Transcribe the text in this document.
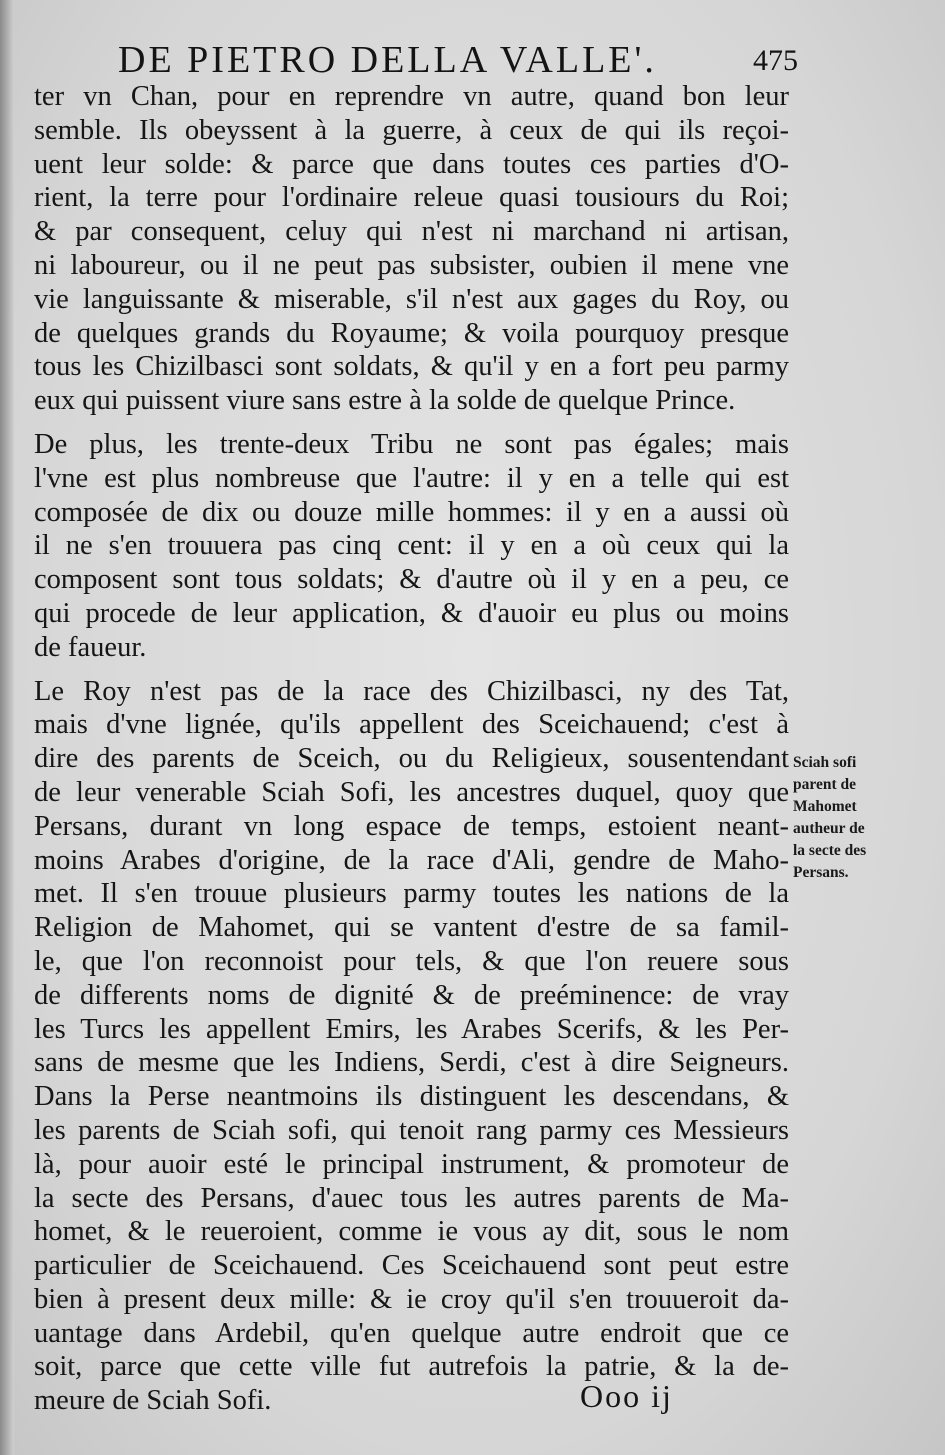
DE PIETRO DELLA VALLE'.	475
ter vn Chan, pour en reprendre vn autre, quand bon leur
semble. Ils obeyssent à la guerre, à ceux de qui ils reçoi-
uent leur solde: & parce que dans toutes ces parties d'O-
rient, la terre pour l'ordinaire releue quasi tousiours du Roi;
& par consequent, celuy qui n'est ni marchand ni artisan,
ni laboureur, ou il ne peut pas subsister, oubien il mene vne
vie languissante & miserable, s'il n'est aux gages du Roy, ou
de quelques grands du Royaume; & voila pourquoy presque
tous les Chizilbasci sont soldats, & qu'il y en a fort peu parmy
eux qui puissent viure sans estre à la solde de quelque Prince.
De plus, les trente-deux Tribu ne sont pas égales; mais
l'vne est plus nombreuse que l'autre: il y en a telle qui est
composée de dix ou douze mille hommes: il y en a aussi où
il ne s'en trouuera pas cinq cent: il y en a où ceux qui la
composent sont tous soldats; & d'autre où il y en a peu, ce
qui procede de leur application, & d'auoir eu plus ou moins
de faueur.
Le Roy n'est pas de la race des Chizilbasci, ny des Tat,
mais d'vne lignée, qu'ils appellent des Sceichauend; c'est à
dire des parents de Sceich, ou du Religieux, sousentendant
de leur venerable Sciah Sofi, les ancestres duquel, quoy que
Persans, durant vn long espace de temps, estoient neant-
moins Arabes d'origine, de la race d'Ali, gendre de Maho-
met. Il s'en trouue plusieurs parmy toutes les nations de la
Religion de Mahomet, qui se vantent d'estre de sa famil-
le, que l'on reconnoist pour tels, & que l'on reuere sous
de differents noms de dignité & de preéminence: de vray
les Turcs les appellent Emirs, les Arabes Scerifs, & les Per-
sans de mesme que les Indiens, Serdi, c'est à dire Seigneurs.
Dans la Perse neantmoins ils distinguent les descendans, &
les parents de Sciah sofi, qui tenoit rang parmy ces Messieurs
là, pour auoir esté le principal instrument, & promoteur de
la secte des Persans, d'auec tous les autres parents de Ma-
homet, & le reueroient, comme ie vous ay dit, sous le nom
particulier de Sceichauend. Ces Sceichauend sont peut estre
bien à present deux mille: & ie croy qu'il s'en trouueroit da-
uantage dans Ardebil, qu'en quelque autre endroit que ce
soit, parce que cette ville fut autrefois la patrie, & la de-
meure de Sciah Sofi.
Sciah sofi
parent de
Mahomet
autheur de
la secte des
Persans.
Ooo ij
